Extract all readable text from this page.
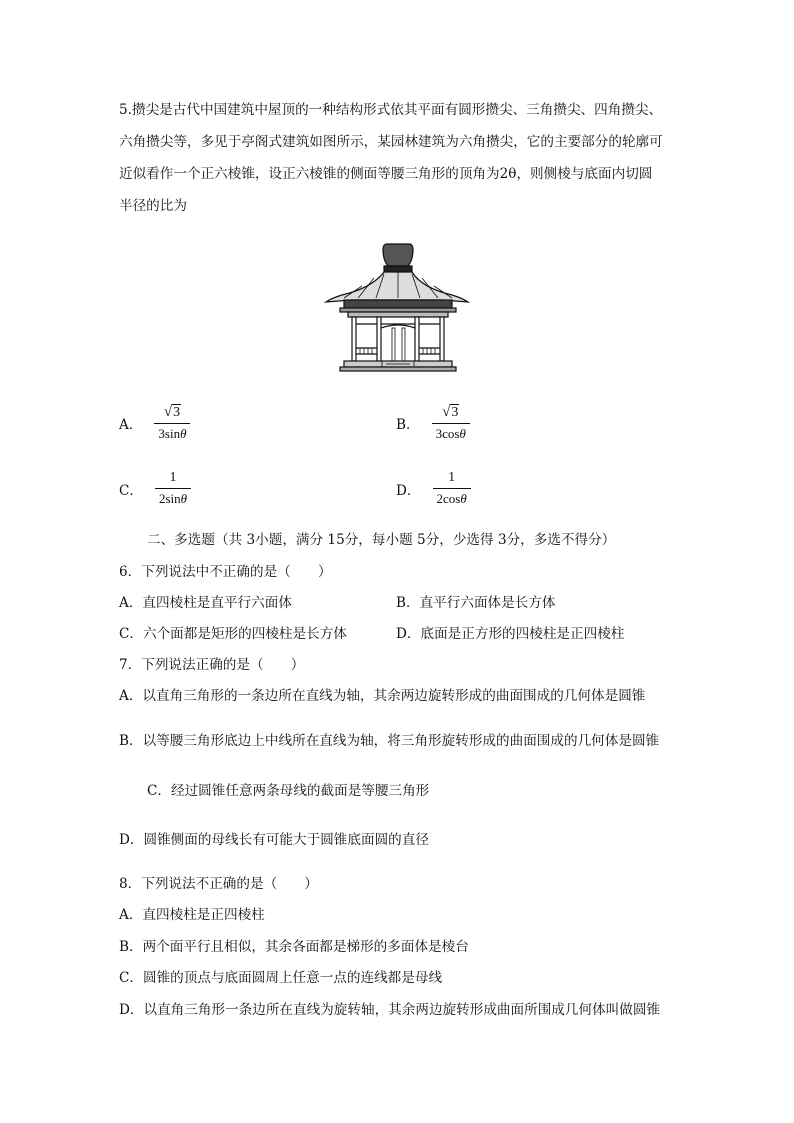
5.攒尖是古代中国建筑中屋顶的一种结构形式依其平面有圆形攒尖、三角攒尖、四角攒尖、
六角攒尖等，多见于亭阁式建筑如图所示，某园林建筑为六角攒尖，它的主要部分的轮廓可
近似看作一个正六棱锥，设正六棱锥的侧面等腰三角形的顶角为2θ，则侧棱与底面内切圆
半径的比为
A． $\frac{√ 3}{3\sin\theta}$	B． $\frac{√ 3}{3\cos\theta}$
C． $\frac{1}{2\sin\theta}$	D． $\frac{1}{2\cos\theta}$
二、多选题（共 3小题，满分 15分，每小题 5分，少选得 3分，多选不得分）
6．下列说法中不正确的是（　　）
A．直四棱柱是直平行六面体	B．直平行六面体是长方体
C．六个面都是矩形的四棱柱是长方体	D．底面是正方形的四棱柱是正四棱柱
7．下列说法正确的是（　　）
A．以直角三角形的一条边所在直线为轴，其余两边旋转形成的曲面围成的几何体是圆锥
B．以等腰三角形底边上中线所在直线为轴，将三角形旋转形成的曲面围成的几何体是圆锥
C．经过圆锥任意两条母线的截面是等腰三角形
D．圆锥侧面的母线长有可能大于圆锥底面圆的直径
8．下列说法不正确的是（　　）
A．直四棱柱是正四棱柱
B．两个面平行且相似，其余各面都是梯形的多面体是棱台
C．圆锥的顶点与底面圆周上任意一点的连线都是母线
D．以直角三角形一条边所在直线为旋转轴，其余两边旋转形成曲面所围成几何体叫做圆锥
